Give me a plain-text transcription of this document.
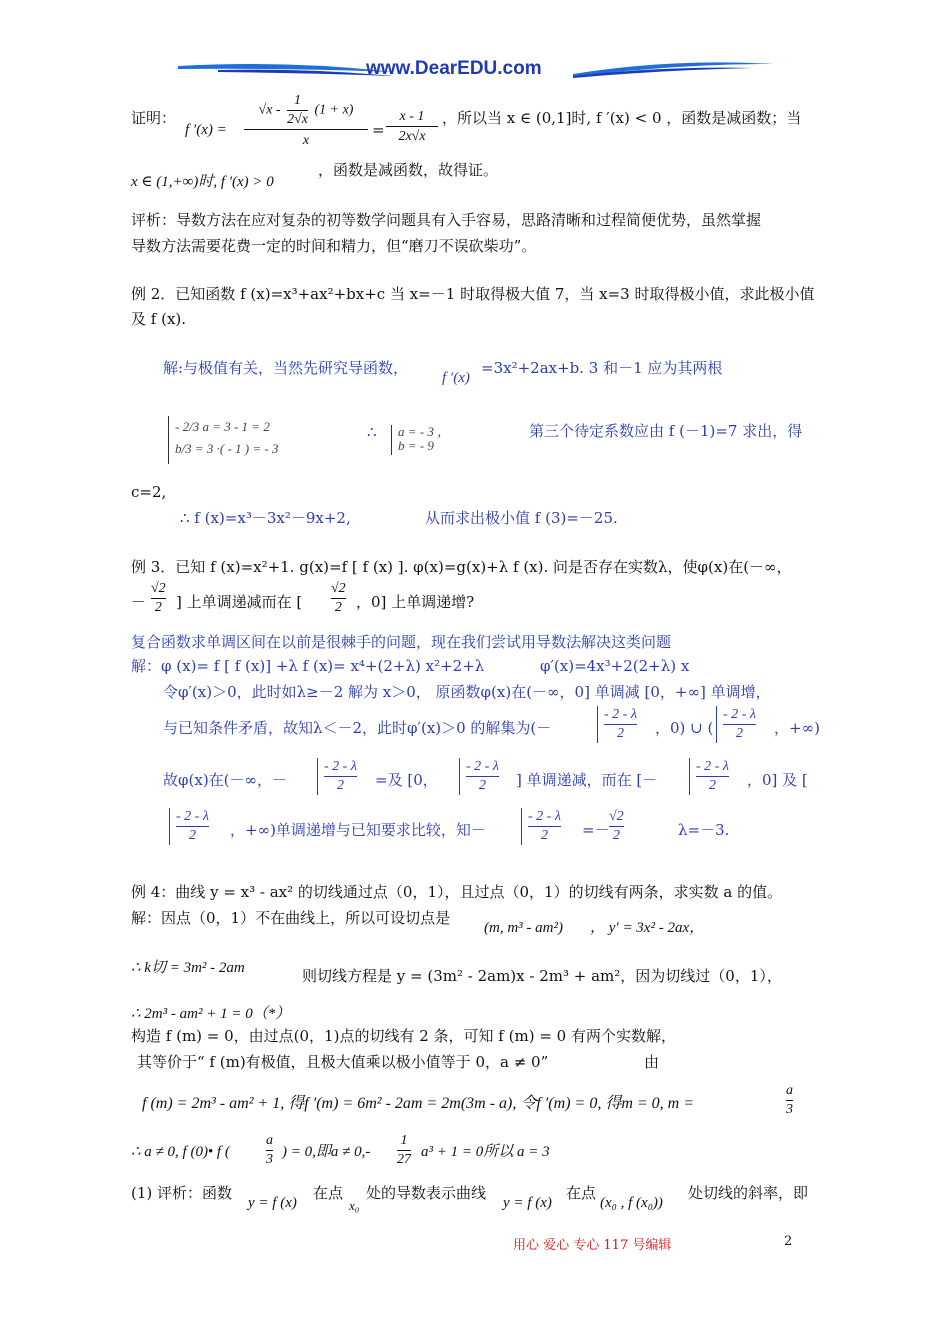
www.DearEDU.com
证明：
f $'(x) = \frac{√x - \frac{1}{2√x} (1 + x)}{x} = \frac{x - 1}{2x√x}$ ，所以当 x ∈ (0,1]时, f ′(x) < 0 ，函数是减函数；当
x ∈ (1,+∞)时, f ′(x) > 0
，函数是减函数，故得证。
评析：导数方法在应对复杂的初等数学问题具有入手容易，思路清晰和过程简便优势，虽然掌握
导数方法需要花费一定的时间和精力，但“磨刀不误砍柴功”。
例 2．已知函数 f (x)=x³+ax²+bx+c 当 x=－1 时取得极大值 7，当 x=3 时取得极小值，求此极小值
及 f (x).
解:与极值有关，当然先研究导函数，
f ′(x)
=3x²+2ax+b. 3 和－1 应为其两根
- 2/3 a = 3 - 1 = 2
b/3 = 3 ·( - 1 ) = - 3
∴ a = - 3 ，
b = - 9
第三个待定系数应由 f (－1)=7 求出，得
c=2,
∴ f (x)=x³－3x²－9x+2,	从而求出极小值 f (3)=－25.
例 3．已知 f (x)=x²+1. g(x)=f [ f (x) ]. φ(x)=g(x)+λ f (x). 问是否存在实数λ，使φ(x)在(－∞，
－ $\frac{√2}{2}$ ] 上单调递减而在 [ $\frac{√2}{2}$ ，0] 上单调递增?
复合函数求单调区间在以前是很棘手的问题，现在我们尝试用导数法解决这类问题
解：φ (x)= f [ f (x)] +λ f (x)= x⁴+(2+λ) x²+2+λ	φ′(x)=4x³+2(2+λ) x
令φ′(x)＞0，此时如λ≥－2 解为 x＞0， 原函数φ(x)在(－∞，0] 单调减 [0，+∞] 单调增，
与已知条件矛盾，故知λ＜－2，此时φ′(x)＞0 的解集为(－	$\frac{- 2 - \lambda}{2}$ ，0) ∪ ( $\frac{- 2 - \lambda}{2}$ ，+∞)
故φ(x)在(－∞，－ $\frac{- 2 - \lambda}{2}$ =及 [0， $\frac{- 2 - \lambda}{2}$ ] 单调递减，而在 [－ $\frac{- 2 - \lambda}{2}$ ，0] 及 [
$\frac{- 2 - \lambda}{2}$ ，+∞)单调递增与已知要求比较，知－	$\frac{- 2 - \lambda}{2} =- \frac{√2}{2}$	λ=－3.
例 4：曲线 y = x³ - ax² 的切线通过点（0，1），且过点（0，1）的切线有两条，求实数 a 的值。
解：因点（0，1）不在曲线上，所以可设切点是
(m, m³ - am²) ， y′ = 3x² - 2ax，
∴ k切 = 3m² - 2am	则切线方程是 y = (3m² - 2am)x - 2m³ + am²，因为切线过（0，1），
∴ 2m³ - am² + 1 = 0（*）
构造 f (m) = 0，由过点(0，1)点的切线有 2 条，可知 f (m) = 0 有两个实数解，
其等价于“ f (m)有极值，且极大值乘以极小值等于 0，a ≠ 0”	由
f (m) = 2m³ - am² + 1, 得f ′(m) = 6m² - 2am = 2m(3m - a), 令f ′(m) = 0, 得m = 0, m =	$\frac{a}{3}$
∴ a ≠ 0, f (0)• f (	$\frac{a}{3}$ ) = 0,即$a \ne 0,- \frac{1}{27} a^3 + 1 = 0$所以 a = 3
(1) 评析：函数
y = f (x)
在点
x₀
处的导数表示曲线
y = f (x)
在点
(x₀ , f (x₀))
处切线的斜率，即
用心 爱心 专心 117 号编辑	2
